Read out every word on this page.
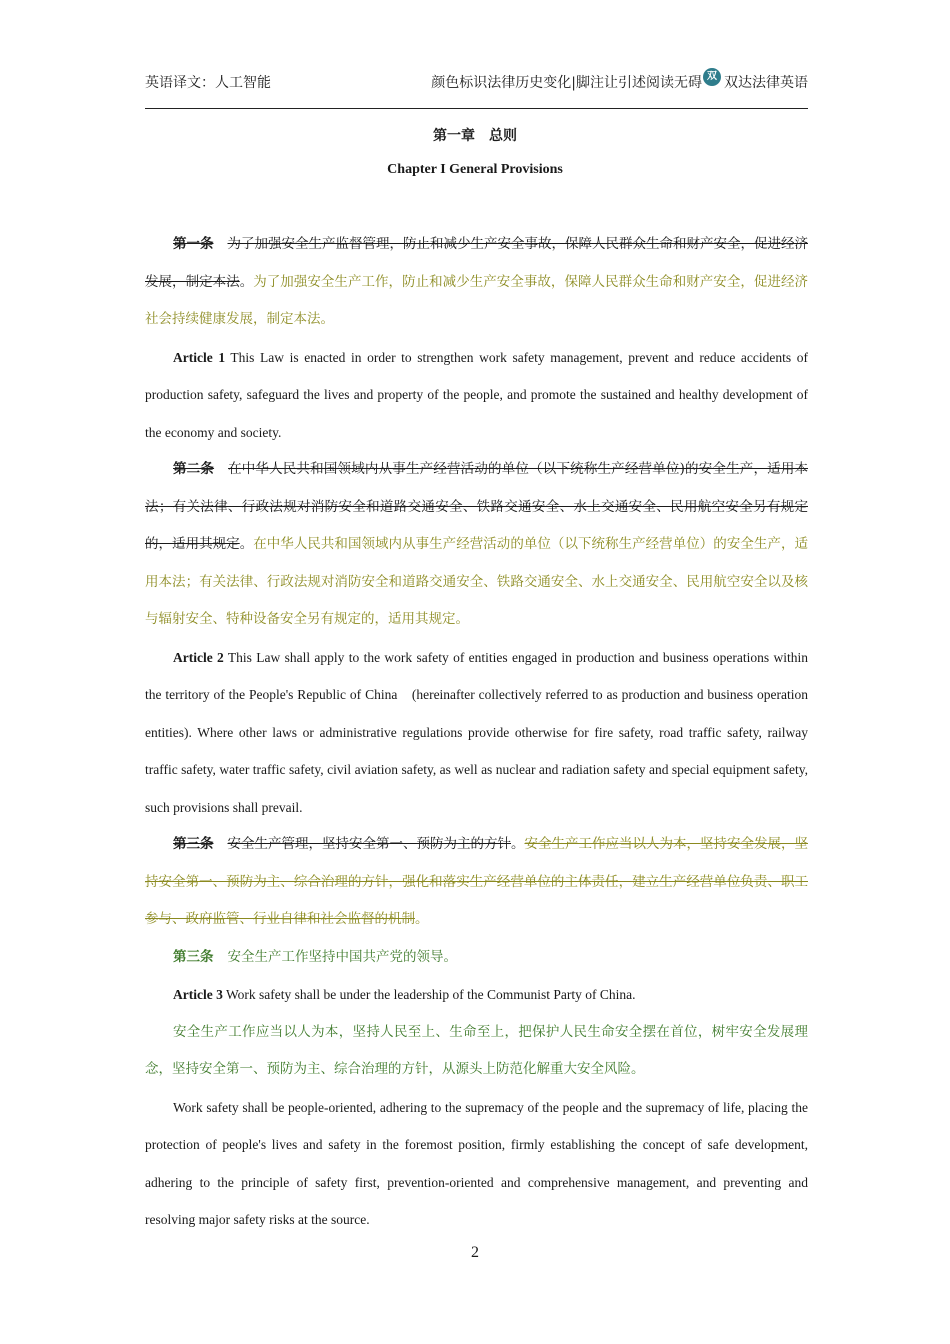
英语译文：人工智能	颜色标识法律历史变化|脚注让引述阅读无碍 双 双达法律英语
第一章　总则
Chapter I General Provisions

第一条 为了加强安全生产监督管理，防止和减少生产安全事故，保障人民群众生命和财产安全，促进经济发展，制定本法。为了加强安全生产工作，防止和减少生产安全事故，保障人民群众生命和财产安全，促进经济社会持续健康发展，制定本法。

Article 1 This Law is enacted in order to strengthen work safety management, prevent and reduce accidents of production safety, safeguard the lives and property of the people, and promote the sustained and healthy development of the economy and society.

第二条 在中华人民共和国领域内从事生产经营活动的单位（以下统称生产经营单位)的安全生产，适用本法；有关法律、行政法规对消防安全和道路交通安全、铁路交通安全、水上交通安全、民用航空安全另有规定的，适用其规定。在中华人民共和国领域内从事生产经营活动的单位（以下统称生产经营单位）的安全生产，适用本法；有关法律、行政法规对消防安全和道路交通安全、铁路交通安全、水上交通安全、民用航空安全以及核与辐射安全、特种设备安全另有规定的，适用其规定。

Article 2 This Law shall apply to the work safety of entities engaged in production and business operations within the territory of the People's Republic of China　(hereinafter collectively referred to as production and business operation entities). Where other laws or administrative regulations provide otherwise for fire safety, road traffic safety, railway traffic safety, water traffic safety, civil aviation safety, as well as nuclear and radiation safety and special equipment safety, such provisions shall prevail.

第三条 安全生产管理，坚持安全第一、预防为主的方针。安全生产工作应当以人为本，坚持安全发展，坚持安全第一、预防为主、综合治理的方针，强化和落实生产经营单位的主体责任，建立生产经营单位负责、职工参与、政府监管、行业自律和社会监督的机制。

第三条 安全生产工作坚持中国共产党的领导。

Article 3 Work safety shall be under the leadership of the Communist Party of China.

安全生产工作应当以人为本，坚持人民至上、生命至上，把保护人民生命安全摆在首位，树牢安全发展理念，坚持安全第一、预防为主、综合治理的方针，从源头上防范化解重大安全风险。

Work safety shall be people-oriented, adhering to the supremacy of the people and the supremacy of life, placing the protection of people's lives and safety in the foremost position, firmly establishing the concept of safe development, adhering to the principle of safety first, prevention-oriented and comprehensive management, and preventing and resolving major safety risks at the source.

2
